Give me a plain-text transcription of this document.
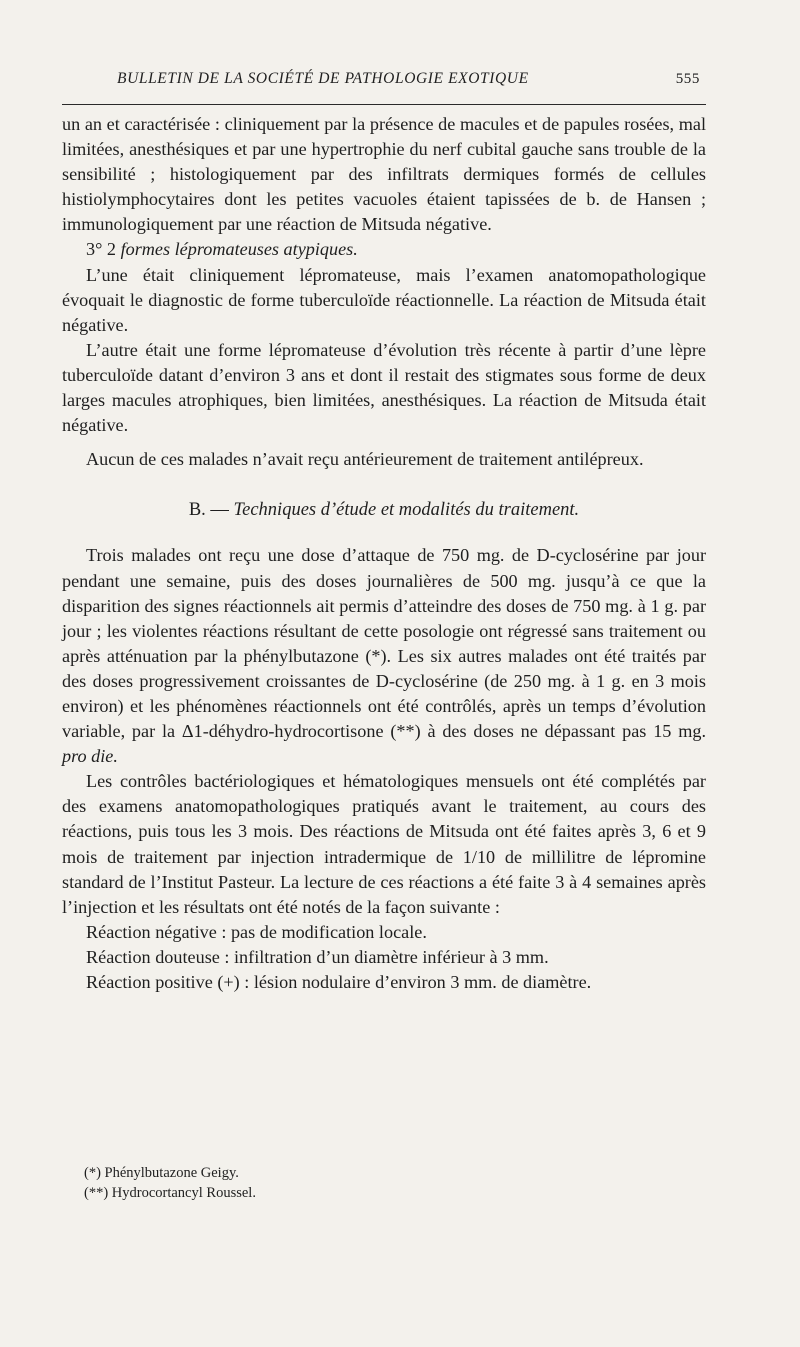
BULLETIN DE LA SOCIÉTÉ DE PATHOLOGIE EXOTIQUE	555

un an et caractérisée : cliniquement par la présence de macules et de papules rosées, mal limitées, anesthésiques et par une hypertrophie du nerf cubital gauche sans trouble de la sensibilité ; histologiquement par des infiltrats dermiques formés de cellules histiolymphocytaires dont les petites vacuoles étaient tapissées de b. de Hansen ; immunologiquement par une réaction de Mitsuda négative.

3° 2 formes lépromateuses atypiques.

L’une était cliniquement lépromateuse, mais l’examen anatomopathologique évoquait le diagnostic de forme tuberculoïde réactionnelle. La réaction de Mitsuda était négative.

L’autre était une forme lépromateuse d’évolution très récente à partir d’une lèpre tuberculoïde datant d’environ 3 ans et dont il restait des stigmates sous forme de deux larges macules atrophiques, bien limitées, anesthésiques. La réaction de Mitsuda était négative.

Aucun de ces malades n’avait reçu antérieurement de traitement antilépreux.

B. — Techniques d’étude et modalités du traitement.

Trois malades ont reçu une dose d’attaque de 750 mg. de D-cyclosérine par jour pendant une semaine, puis des doses journalières de 500 mg. jusqu’à ce que la disparition des signes réactionnels ait permis d’atteindre des doses de 750 mg. à 1 g. par jour ; les violentes réactions résultant de cette posologie ont régressé sans traitement ou après atténuation par la phénylbutazone (*). Les six autres malades ont été traités par des doses progressivement croissantes de D-cyclosérine (de 250 mg. à 1 g. en 3 mois environ) et les phénomènes réactionnels ont été contrôlés, après un temps d’évolution variable, par la Δ1-déhydro-hydrocortisone (**) à des doses ne dépassant pas 15 mg. pro die.

Les contrôles bactériologiques et hématologiques mensuels ont été complétés par des examens anatomopathologiques pratiqués avant le traitement, au cours des réactions, puis tous les 3 mois. Des réactions de Mitsuda ont été faites après 3, 6 et 9 mois de traitement par injection intradermique de 1/10 de millilitre de lépromine standard de l’Institut Pasteur. La lecture de ces réactions a été faite 3 à 4 semaines après l’injection et les résultats ont été notés de la façon suivante :

Réaction négative : pas de modification locale.

Réaction douteuse : infiltration d’un diamètre inférieur à 3 mm.

Réaction positive (+) : lésion nodulaire d’environ 3 mm. de diamètre.

(*) Phénylbutazone Geigy.

(**) Hydrocortancyl Roussel.
